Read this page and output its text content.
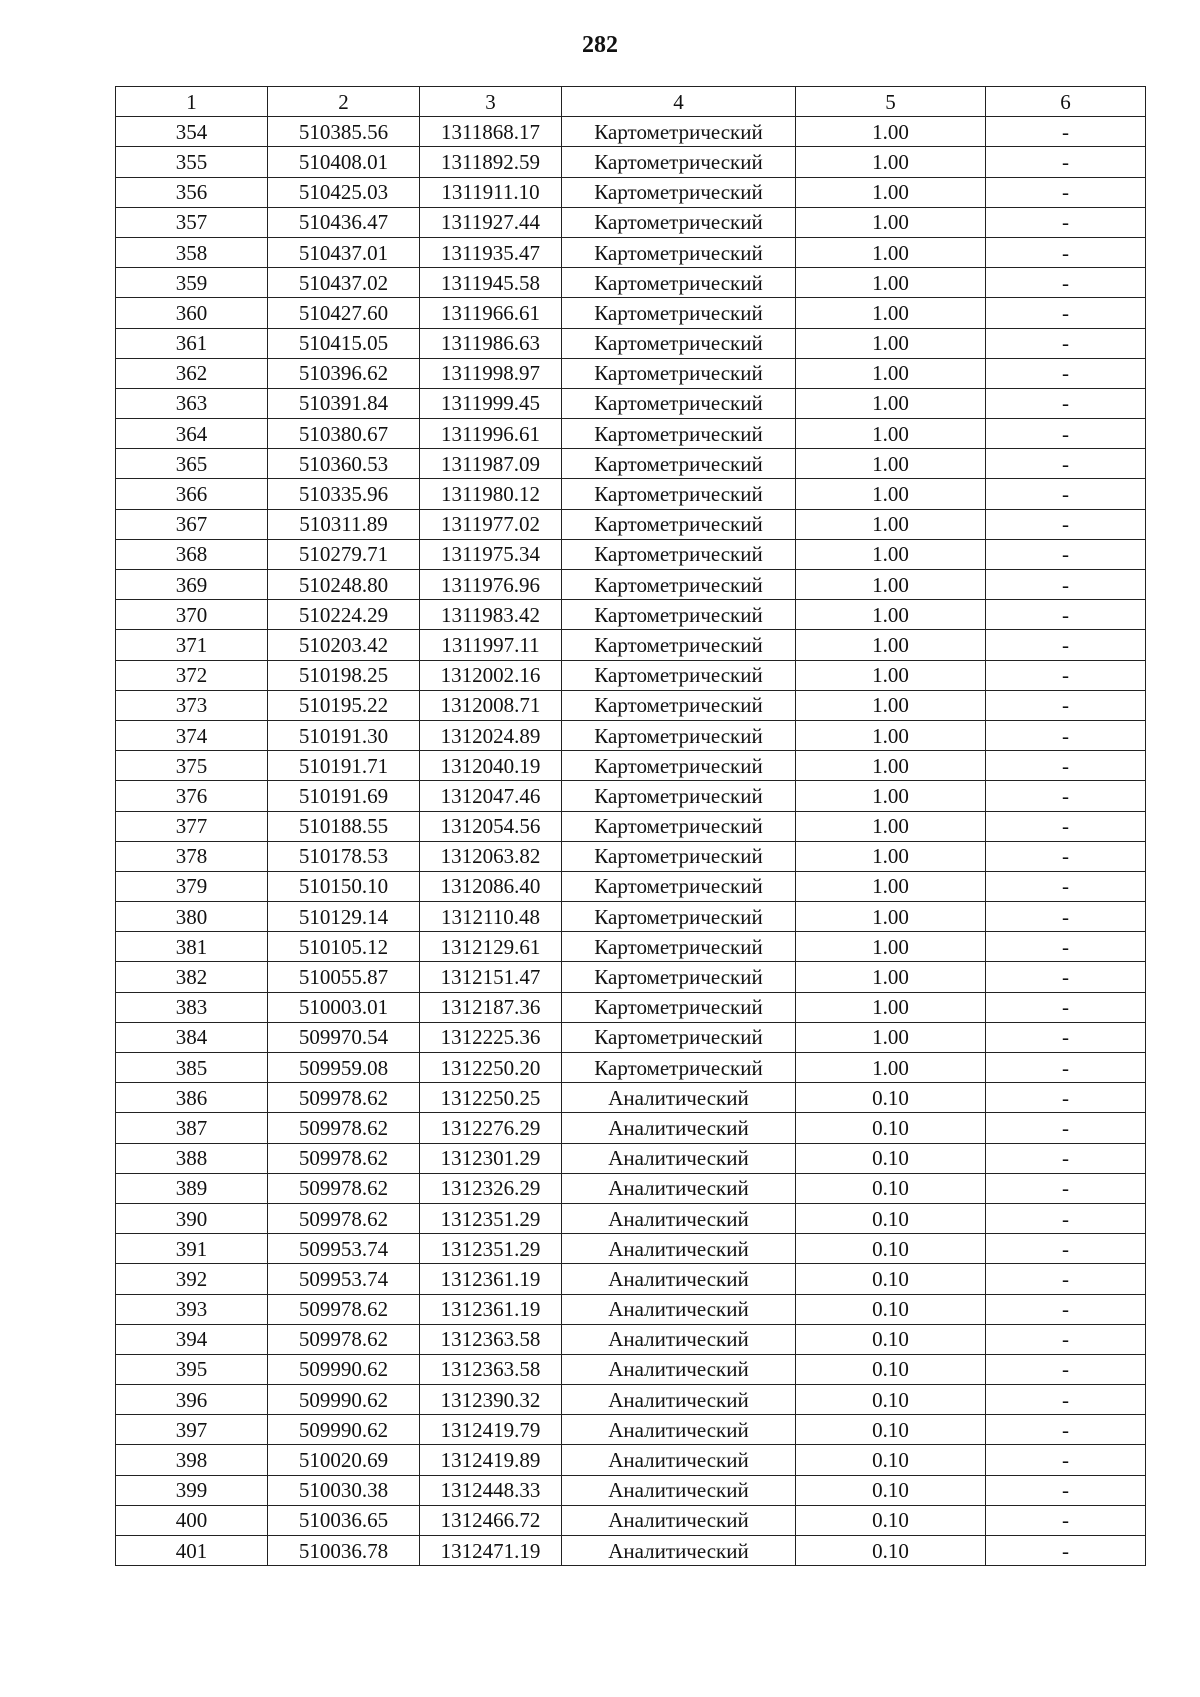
282
1	2	3	4	5	6
354	510385.56	1311868.17	Картометрический	1.00	-
355	510408.01	1311892.59	Картометрический	1.00	-
356	510425.03	1311911.10	Картометрический	1.00	-
357	510436.47	1311927.44	Картометрический	1.00	-
358	510437.01	1311935.47	Картометрический	1.00	-
359	510437.02	1311945.58	Картометрический	1.00	-
360	510427.60	1311966.61	Картометрический	1.00	-
361	510415.05	1311986.63	Картометрический	1.00	-
362	510396.62	1311998.97	Картометрический	1.00	-
363	510391.84	1311999.45	Картометрический	1.00	-
364	510380.67	1311996.61	Картометрический	1.00	-
365	510360.53	1311987.09	Картометрический	1.00	-
366	510335.96	1311980.12	Картометрический	1.00	-
367	510311.89	1311977.02	Картометрический	1.00	-
368	510279.71	1311975.34	Картометрический	1.00	-
369	510248.80	1311976.96	Картометрический	1.00	-
370	510224.29	1311983.42	Картометрический	1.00	-
371	510203.42	1311997.11	Картометрический	1.00	-
372	510198.25	1312002.16	Картометрический	1.00	-
373	510195.22	1312008.71	Картометрический	1.00	-
374	510191.30	1312024.89	Картометрический	1.00	-
375	510191.71	1312040.19	Картометрический	1.00	-
376	510191.69	1312047.46	Картометрический	1.00	-
377	510188.55	1312054.56	Картометрический	1.00	-
378	510178.53	1312063.82	Картометрический	1.00	-
379	510150.10	1312086.40	Картометрический	1.00	-
380	510129.14	1312110.48	Картометрический	1.00	-
381	510105.12	1312129.61	Картометрический	1.00	-
382	510055.87	1312151.47	Картометрический	1.00	-
383	510003.01	1312187.36	Картометрический	1.00	-
384	509970.54	1312225.36	Картометрический	1.00	-
385	509959.08	1312250.20	Картометрический	1.00	-
386	509978.62	1312250.25	Аналитический	0.10	-
387	509978.62	1312276.29	Аналитический	0.10	-
388	509978.62	1312301.29	Аналитический	0.10	-
389	509978.62	1312326.29	Аналитический	0.10	-
390	509978.62	1312351.29	Аналитический	0.10	-
391	509953.74	1312351.29	Аналитический	0.10	-
392	509953.74	1312361.19	Аналитический	0.10	-
393	509978.62	1312361.19	Аналитический	0.10	-
394	509978.62	1312363.58	Аналитический	0.10	-
395	509990.62	1312363.58	Аналитический	0.10	-
396	509990.62	1312390.32	Аналитический	0.10	-
397	509990.62	1312419.79	Аналитический	0.10	-
398	510020.69	1312419.89	Аналитический	0.10	-
399	510030.38	1312448.33	Аналитический	0.10	-
400	510036.65	1312466.72	Аналитический	0.10	-
401	510036.78	1312471.19	Аналитический	0.10	-
